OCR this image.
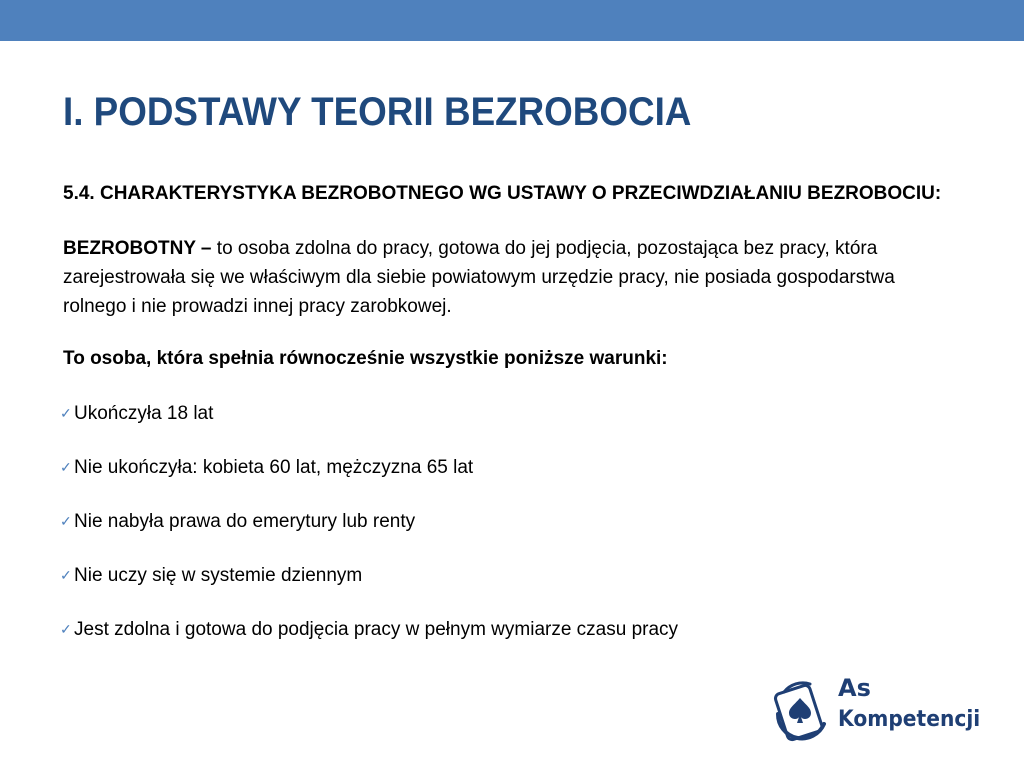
I. PODSTAWY TEORII BEZROBOCIA

5.4. CHARAKTERYSTYKA BEZROBOTNEGO WG USTAWY O PRZECIWDZIAŁANIU BEZROBOCIU:

BEZROBOTNY – to osoba zdolna do pracy, gotowa do jej podjęcia, pozostająca bez pracy, która zarejestrowała się we właściwym dla siebie powiatowym urzędzie pracy, nie posiada gospodarstwa rolnego i nie prowadzi innej pracy zarobkowej.

To osoba, która spełnia równocześnie wszystkie poniższe warunki:

✓ Ukończyła 18 lat
✓ Nie ukończyła: kobieta 60 lat, mężczyzna 65 lat
✓ Nie nabyła prawa do emerytury lub renty
✓ Nie uczy się w systemie dziennym
✓ Jest zdolna i gotowa do podjęcia pracy w pełnym wymiarze czasu pracy
As
Kompetencji
